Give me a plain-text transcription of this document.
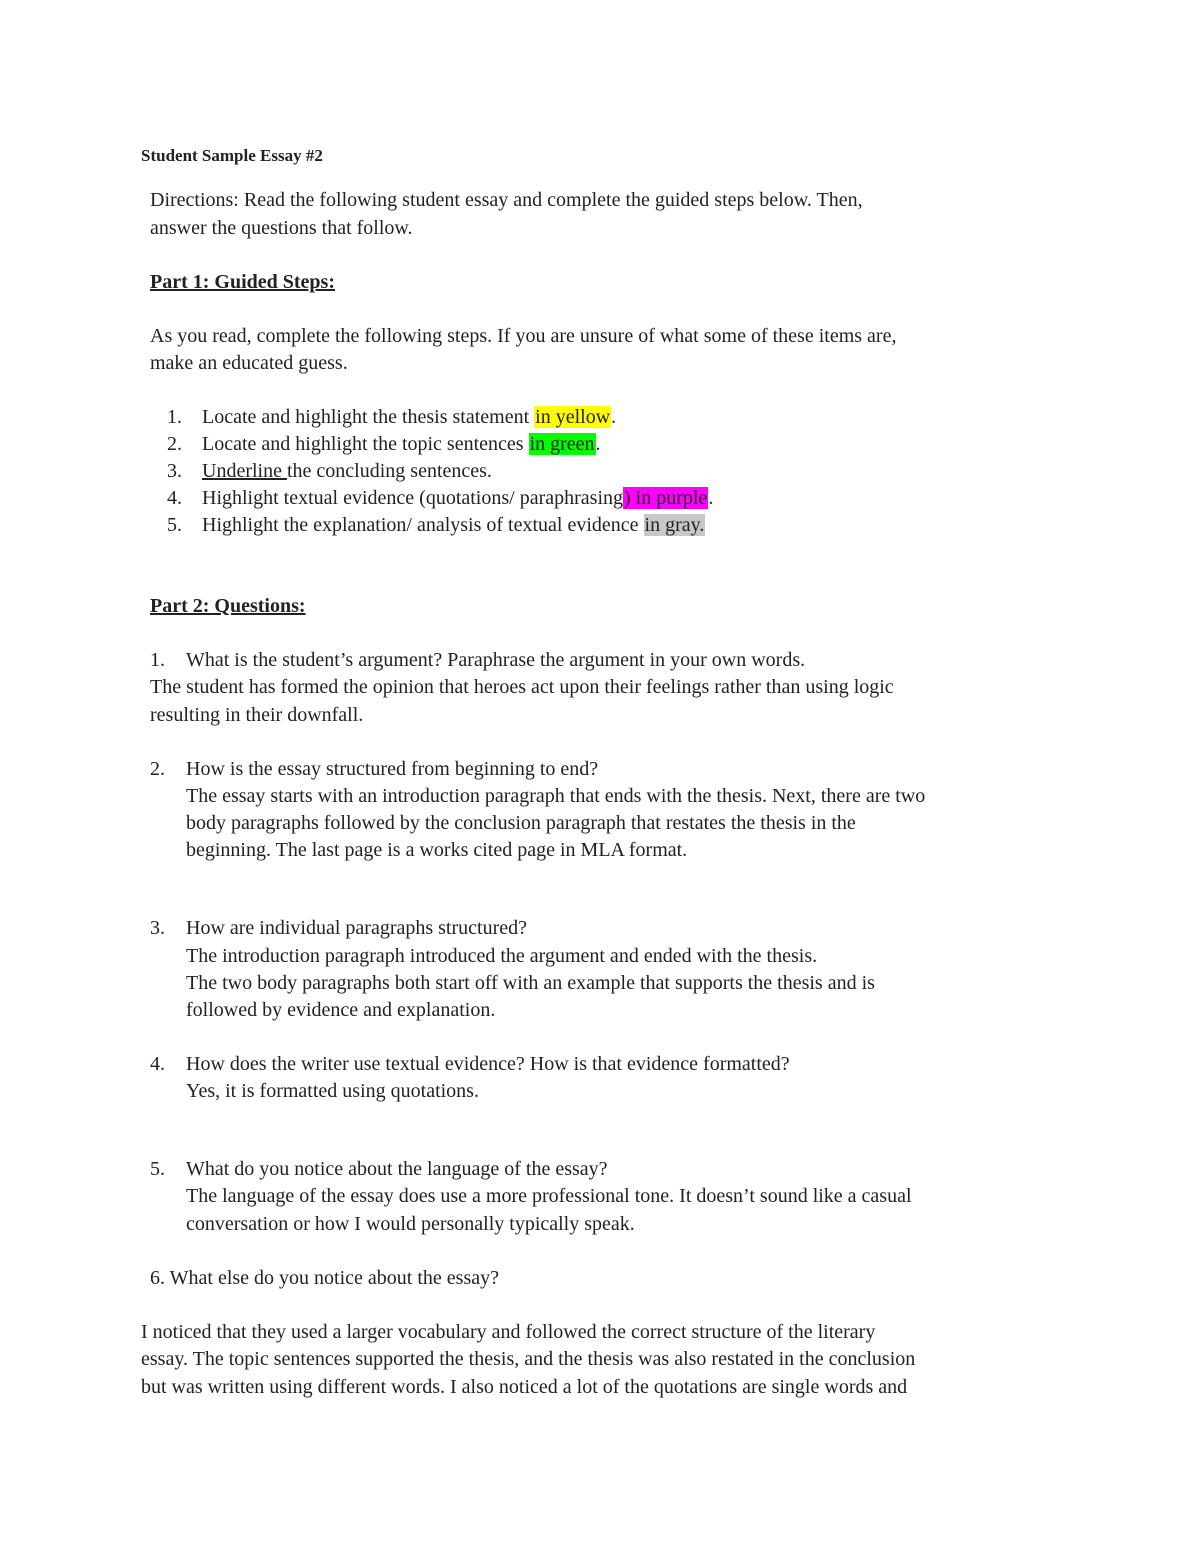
Student Sample Essay #2
Directions: Read the following student essay and complete the guided steps below. Then,
answer the questions that follow.
Part 1: Guided Steps:
As you read, complete the following steps. If you are unsure of what some of these items are,
make an educated guess.
1. Locate and highlight the thesis statement in yellow.
2. Locate and highlight the topic sentences in green.
3. Underline the concluding sentences.
4. Highlight textual evidence (quotations/ paraphrasing) in purple.
5. Highlight the explanation/ analysis of textual evidence in gray.
Part 2: Questions:
1. What is the student’s argument? Paraphrase the argument in your own words.
The student has formed the opinion that heroes act upon their feelings rather than using logic
resulting in their downfall.
2. How is the essay structured from beginning to end?
The essay starts with an introduction paragraph that ends with the thesis. Next, there are two
body paragraphs followed by the conclusion paragraph that restates the thesis in the
beginning. The last page is a works cited page in MLA format.
3. How are individual paragraphs structured?
The introduction paragraph introduced the argument and ended with the thesis.
The two body paragraphs both start off with an example that supports the thesis and is
followed by evidence and explanation.
4. How does the writer use textual evidence? How is that evidence formatted?
Yes, it is formatted using quotations.
5. What do you notice about the language of the essay?
The language of the essay does use a more professional tone. It doesn’t sound like a casual
conversation or how I would personally typically speak.
6. What else do you notice about the essay?
I noticed that they used a larger vocabulary and followed the correct structure of the literary
essay. The topic sentences supported the thesis, and the thesis was also restated in the conclusion
but was written using different words. I also noticed a lot of the quotations are single words and
